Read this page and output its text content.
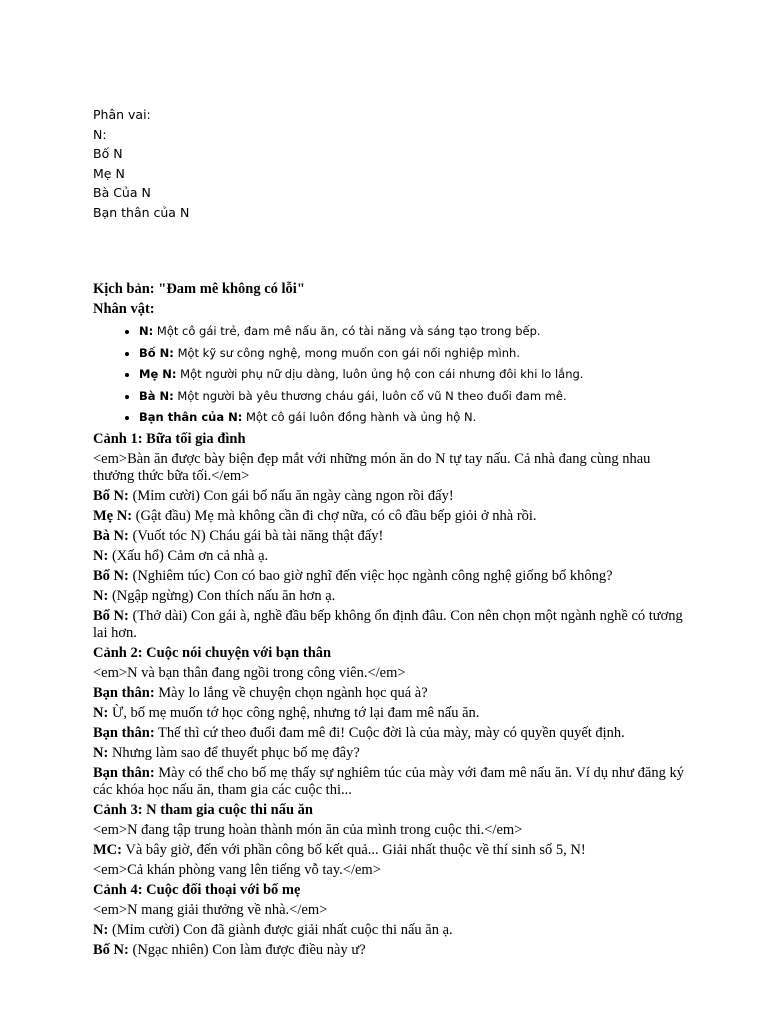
Phân vai:
N:
Bố N
Mẹ N
Bà Của N
Bạn thân của N
Kịch bản: "Đam mê không có lỗi"
Nhân vật:
• N: Một cô gái trẻ, đam mê nấu ăn, có tài năng và sáng tạo trong bếp.
• Bố N: Một kỹ sư công nghệ, mong muốn con gái nối nghiệp mình.
• Mẹ N: Một người phụ nữ dịu dàng, luôn ủng hộ con cái nhưng đôi khi lo lắng.
• Bà N: Một người bà yêu thương cháu gái, luôn cổ vũ N theo đuổi đam mê.
• Bạn thân của N: Một cô gái luôn đồng hành và ủng hộ N.
Cảnh 1: Bữa tối gia đình
<em>Bàn ăn được bày biện đẹp mắt với những món ăn do N tự tay nấu. Cả nhà đang cùng nhau thưởng thức bữa tối.</em>
Bố N: (Mỉm cười) Con gái bố nấu ăn ngày càng ngon rồi đấy!
Mẹ N: (Gật đầu) Mẹ mà không cần đi chợ nữa, có cô đầu bếp giỏi ở nhà rồi.
Bà N: (Vuốt tóc N) Cháu gái bà tài năng thật đấy!
N: (Xấu hổ) Cảm ơn cả nhà ạ.
Bố N: (Nghiêm túc) Con có bao giờ nghĩ đến việc học ngành công nghệ giống bố không?
N: (Ngập ngừng) Con thích nấu ăn hơn ạ.
Bố N: (Thở dài) Con gái à, nghề đầu bếp không ổn định đâu. Con nên chọn một ngành nghề có tương lai hơn.
Cảnh 2: Cuộc nói chuyện với bạn thân
<em>N và bạn thân đang ngồi trong công viên.</em>
Bạn thân: Mày lo lắng về chuyện chọn ngành học quá à?
N: Ừ, bố mẹ muốn tớ học công nghệ, nhưng tớ lại đam mê nấu ăn.
Bạn thân: Thế thì cứ theo đuổi đam mê đi! Cuộc đời là của mày, mày có quyền quyết định.
N: Nhưng làm sao để thuyết phục bố mẹ đây?
Bạn thân: Mày có thể cho bố mẹ thấy sự nghiêm túc của mày với đam mê nấu ăn. Ví dụ như đăng ký các khóa học nấu ăn, tham gia các cuộc thi...
Cảnh 3: N tham gia cuộc thi nấu ăn
<em>N đang tập trung hoàn thành món ăn của mình trong cuộc thi.</em>
MC: Và bây giờ, đến với phần công bố kết quả... Giải nhất thuộc về thí sinh số 5, N!
<em>Cả khán phòng vang lên tiếng vỗ tay.</em>
Cảnh 4: Cuộc đối thoại với bố mẹ
<em>N mang giải thưởng về nhà.</em>
N: (Mỉm cười) Con đã giành được giải nhất cuộc thi nấu ăn ạ.
Bố N: (Ngạc nhiên) Con làm được điều này ư?
